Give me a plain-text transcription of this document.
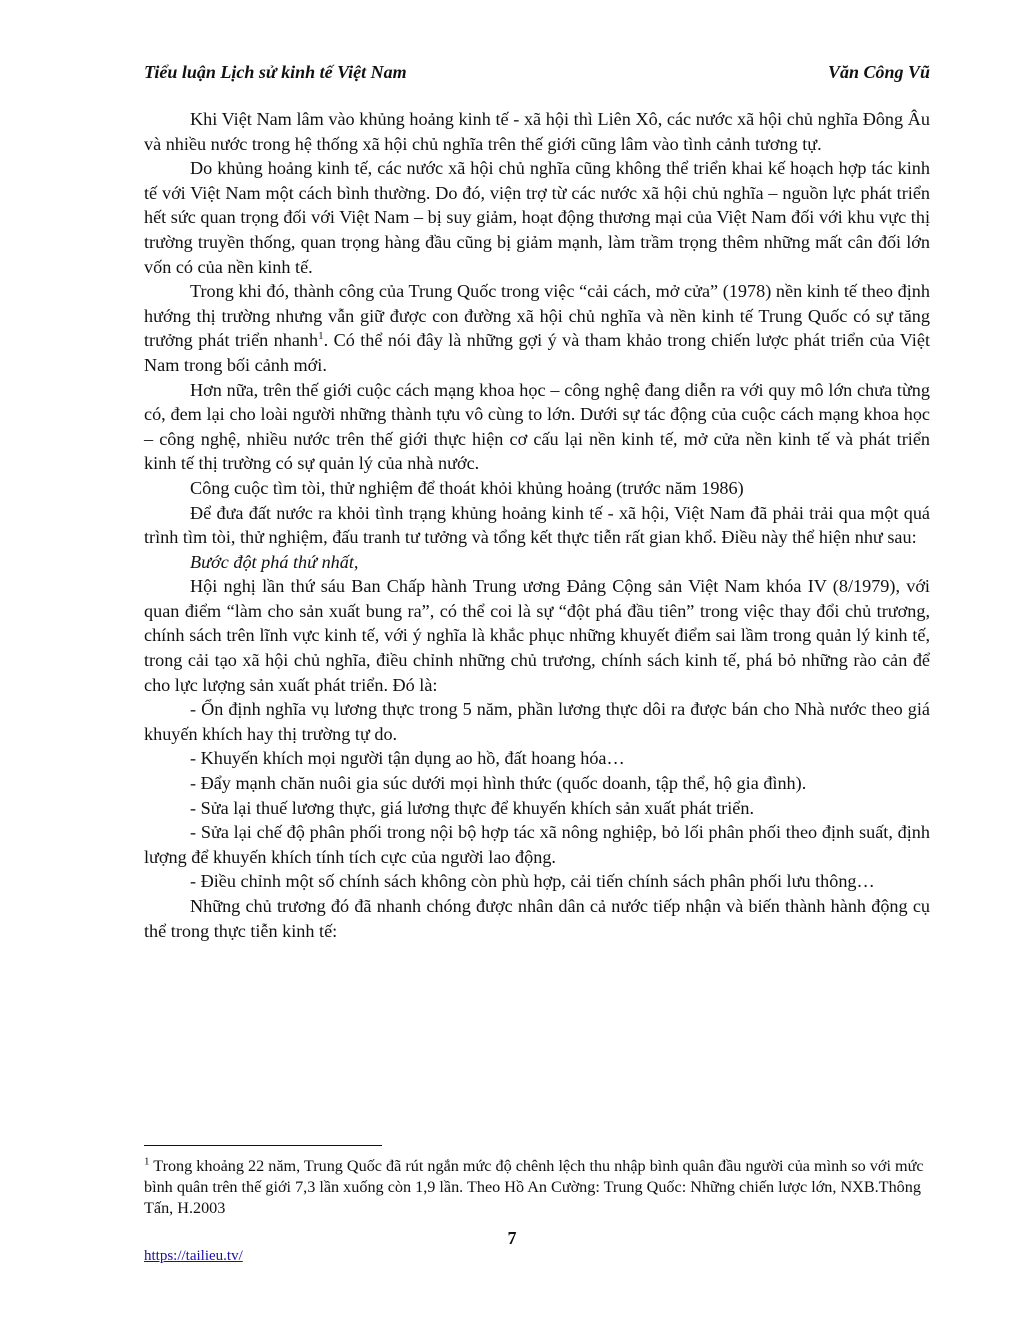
Tiểu luận Lịch sử kinh tế Việt Nam	Văn Công Vũ

Khi Việt Nam lâm vào khủng hoảng kinh tế - xã hội thì Liên Xô, các nước xã hội chủ nghĩa Đông Âu và nhiều nước trong hệ thống xã hội chủ nghĩa trên thế giới cũng lâm vào tình cảnh tương tự.

Do khủng hoảng kinh tế, các nước xã hội chủ nghĩa cũng không thể triển khai kế hoạch hợp tác kinh tế với Việt Nam một cách bình thường. Do đó, viện trợ từ các nước xã hội chủ nghĩa – nguồn lực phát triển hết sức quan trọng đối với Việt Nam – bị suy giảm, hoạt động thương mại của Việt Nam đối với khu vực thị trường truyền thống, quan trọng hàng đầu cũng bị giảm mạnh, làm trầm trọng thêm những mất cân đối lớn vốn có của nền kinh tế.

Trong khi đó, thành công của Trung Quốc trong việc “cải cách, mở cửa” (1978) nền kinh tế theo định hướng thị trường nhưng vẫn giữ được con đường xã hội chủ nghĩa và nền kinh tế Trung Quốc có sự tăng trưởng phát triển nhanh$^1$. Có thể nói đây là những gợi ý và tham khảo trong chiến lược phát triển của Việt Nam trong bối cảnh mới.

Hơn nữa, trên thế giới cuộc cách mạng khoa học – công nghệ đang diễn ra với quy mô lớn chưa từng có, đem lại cho loài người những thành tựu vô cùng to lớn. Dưới sự tác động của cuộc cách mạng khoa học – công nghệ, nhiều nước trên thế giới thực hiện cơ cấu lại nền kinh tế, mở cửa nền kinh tế và phát triển kinh tế thị trường có sự quản lý của nhà nước.

Công cuộc tìm tòi, thử nghiệm để thoát khỏi khủng hoảng (trước năm 1986)

Để đưa đất nước ra khỏi tình trạng khủng hoảng kinh tế - xã hội, Việt Nam đã phải trải qua một quá trình tìm tòi, thử nghiệm, đấu tranh tư tưởng và tổng kết thực tiễn rất gian khổ. Điều này thể hiện như sau:

Bước đột phá thứ nhất,

Hội nghị lần thứ sáu Ban Chấp hành Trung ương Đảng Cộng sản Việt Nam khóa IV (8/1979), với quan điểm “làm cho sản xuất bung ra”, có thể coi là sự “đột phá đầu tiên” trong việc thay đổi chủ trương, chính sách trên lĩnh vực kinh tế, với ý nghĩa là khắc phục những khuyết điểm sai lầm trong quản lý kinh tế, trong cải tạo xã hội chủ nghĩa, điều chỉnh những chủ trương, chính sách kinh tế, phá bỏ những rào cản để cho lực lượng sản xuất phát triển. Đó là:

- Ổn định nghĩa vụ lương thực trong 5 năm, phần lương thực dôi ra được bán cho Nhà nước theo giá khuyến khích hay thị trường tự do.

- Khuyến khích mọi người tận dụng ao hồ, đất hoang hóa…

- Đẩy mạnh chăn nuôi gia súc dưới mọi hình thức (quốc doanh, tập thể, hộ gia đình).

- Sửa lại thuế lương thực, giá lương thực để khuyến khích sản xuất phát triển.

- Sửa lại chế độ phân phối trong nội bộ hợp tác xã nông nghiệp, bỏ lối phân phối theo định suất, định lượng để khuyến khích tính tích cực của người lao động.

- Điều chỉnh một số chính sách không còn phù hợp, cải tiến chính sách phân phối lưu thông…

Những chủ trương đó đã nhanh chóng được nhân dân cả nước tiếp nhận và biến thành hành động cụ thể trong thực tiễn kinh tế:

$^1$ Trong khoảng 22 năm, Trung Quốc đã rút ngắn mức độ chênh lệch thu nhập bình quân đầu người của mình so với mức bình quân trên thế giới 7,3 lần xuống còn 1,9 lần. Theo Hồ An Cường: Trung Quốc: Những chiến lược lớn, NXB.Thông Tấn, H.2003

7
https://tailieu.tv/
